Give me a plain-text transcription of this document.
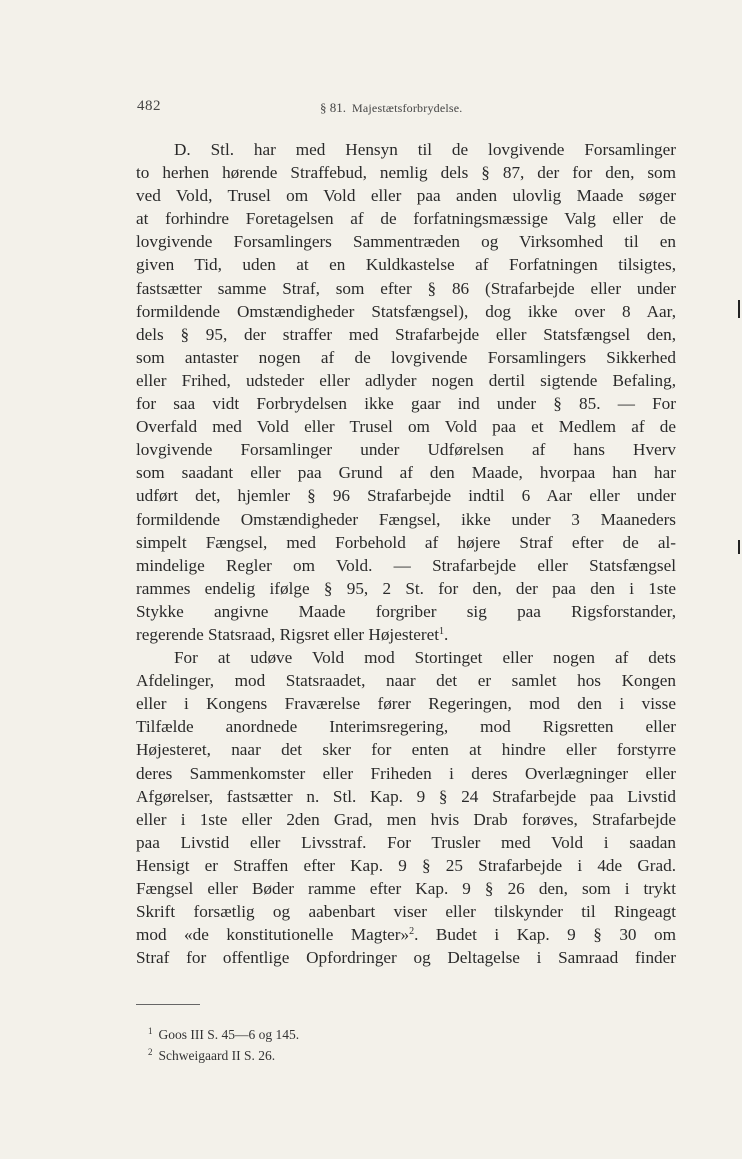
482	§ 81. Majestætsforbrydelse.
D. Stl. har med Hensyn til de lovgivende Forsamlinger
to herhen hørende Straffebud, nemlig dels § 87, der for den, som
ved Vold, Trusel om Vold eller paa anden ulovlig Maade søger
at forhindre Foretagelsen af de forfatningsmæssige Valg eller de
lovgivende Forsamlingers Sammentræden og Virksomhed til en
given Tid, uden at en Kuldkastelse af Forfatningen tilsigtes,
fastsætter samme Straf, som efter § 86 (Strafarbejde eller under
formildende Omstændigheder Statsfængsel), dog ikke over 8 Aar,
dels § 95, der straffer med Strafarbejde eller Statsfængsel den,
som antaster nogen af de lovgivende Forsamlingers Sikkerhed
eller Frihed, udsteder eller adlyder nogen dertil sigtende Befaling,
for saa vidt Forbrydelsen ikke gaar ind under § 85. — For
Overfald med Vold eller Trusel om Vold paa et Medlem af de
lovgivende Forsamlinger under Udførelsen af hans Hverv
som saadant eller paa Grund af den Maade, hvorpaa han har
udført det, hjemler § 96 Strafarbejde indtil 6 Aar eller under
formildende Omstændigheder Fængsel, ikke under 3 Maaneders
simpelt Fængsel, med Forbehold af højere Straf efter de al-
mindelige Regler om Vold. — Strafarbejde eller Statsfængsel
rammes endelig ifølge § 95, 2 St. for den, der paa den i 1ste
Stykke angivne Maade forgriber sig paa Rigsforstander,
regerende Statsraad, Rigsret eller Højesteret$^1$.
For at udøve Vold mod Stortinget eller nogen af dets
Afdelinger, mod Statsraadet, naar det er samlet hos Kongen
eller i Kongens Fraværelse fører Regeringen, mod den i visse
Tilfælde anordnede Interimsregering, mod Rigsretten eller
Højesteret, naar det sker for enten at hindre eller forstyrre
deres Sammenkomster eller Friheden i deres Overlægninger eller
Afgørelser, fastsætter n. Stl. Kap. 9 § 24 Strafarbejde paa Livstid
eller i 1ste eller 2den Grad, men hvis Drab forøves, Strafarbejde
paa Livstid eller Livsstraf. For Trusler med Vold i saadan
Hensigt er Straffen efter Kap. 9 § 25 Strafarbejde i 4de Grad.
Fængsel eller Bøder ramme efter Kap. 9 § 26 den, som i trykt
Skrift forsætlig og aabenbart viser eller tilskynder til Ringeagt
mod «de konstitutionelle Magter»$^2$. Budet i Kap. 9 § 30 om
Straf for offentlige Opfordringer og Deltagelse i Samraad finder
$^1$ Goos III S. 45—6 og 145.
$^2$ Schweigaard II S. 26.
